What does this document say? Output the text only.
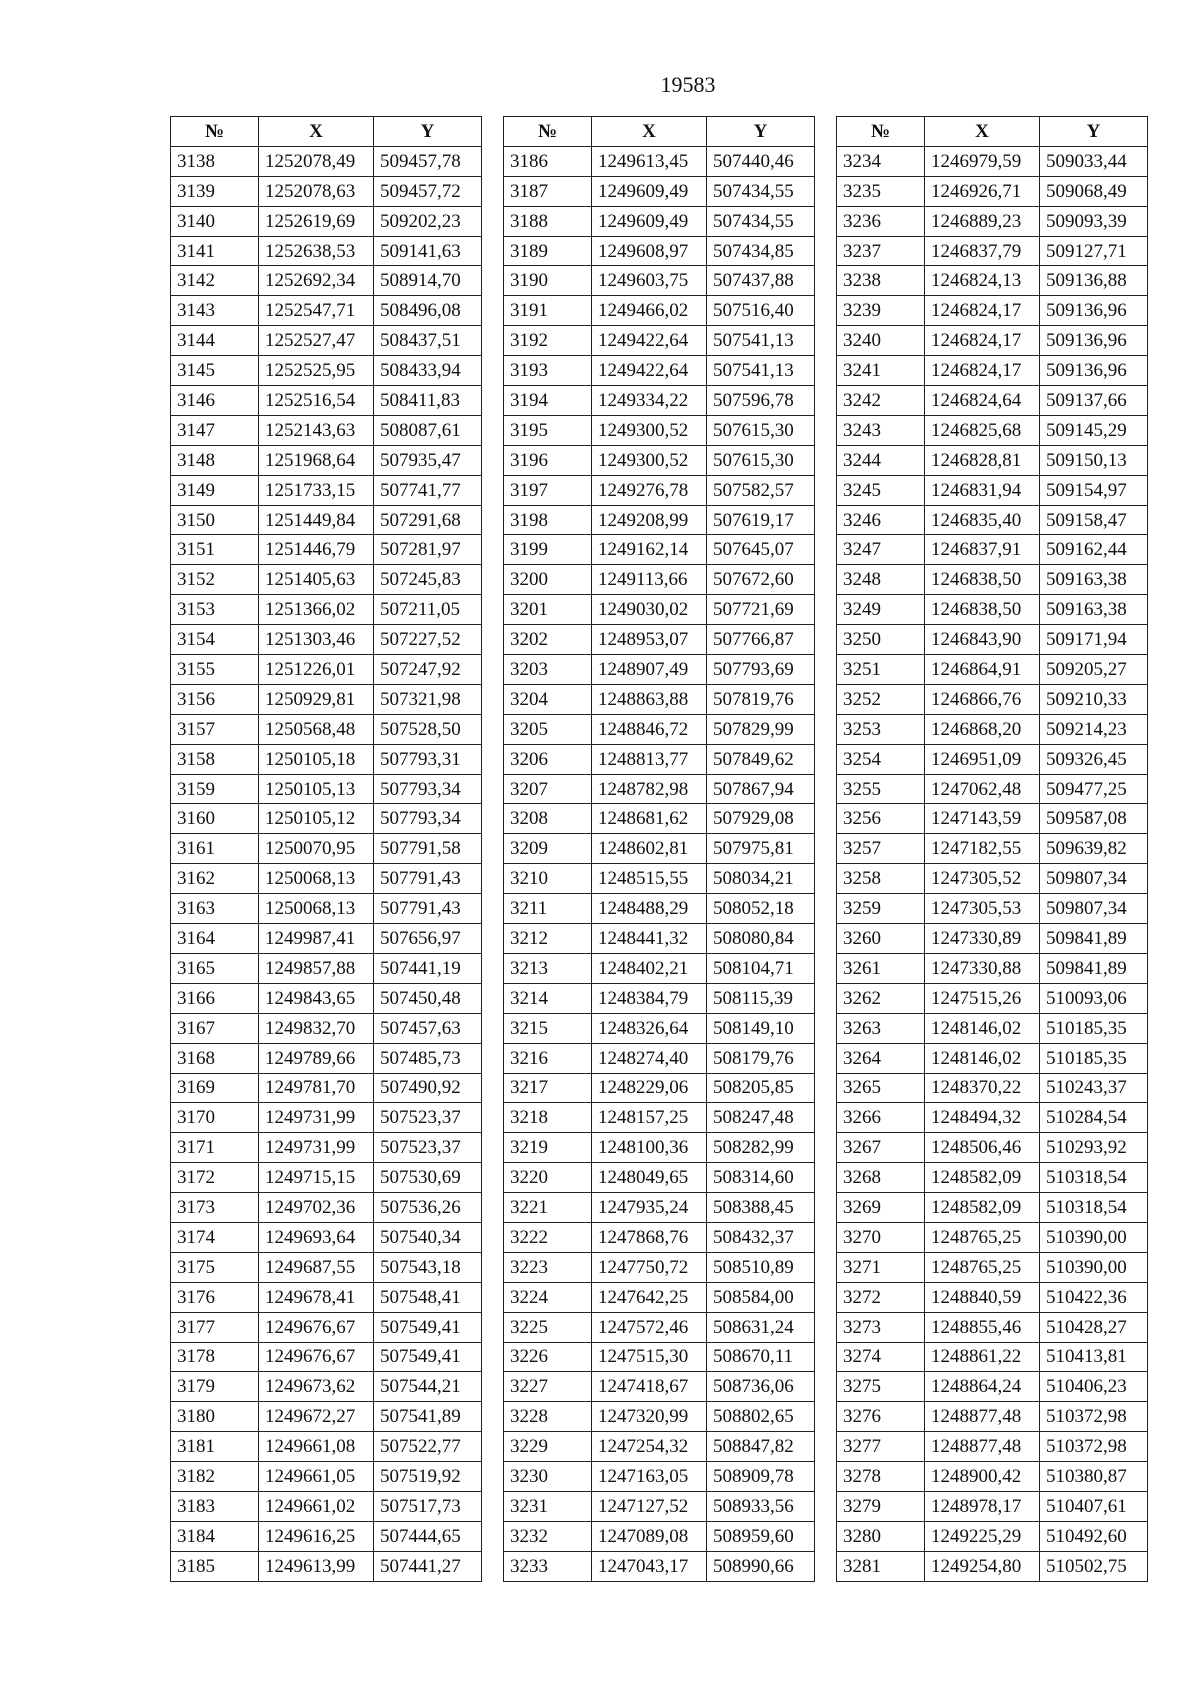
19583
№	X	Y
3138	1252078,49	509457,78
3139	1252078,63	509457,72
3140	1252619,69	509202,23
3141	1252638,53	509141,63
3142	1252692,34	508914,70
3143	1252547,71	508496,08
3144	1252527,47	508437,51
3145	1252525,95	508433,94
3146	1252516,54	508411,83
3147	1252143,63	508087,61
3148	1251968,64	507935,47
3149	1251733,15	507741,77
3150	1251449,84	507291,68
3151	1251446,79	507281,97
3152	1251405,63	507245,83
3153	1251366,02	507211,05
3154	1251303,46	507227,52
3155	1251226,01	507247,92
3156	1250929,81	507321,98
3157	1250568,48	507528,50
3158	1250105,18	507793,31
3159	1250105,13	507793,34
3160	1250105,12	507793,34
3161	1250070,95	507791,58
3162	1250068,13	507791,43
3163	1250068,13	507791,43
3164	1249987,41	507656,97
3165	1249857,88	507441,19
3166	1249843,65	507450,48
3167	1249832,70	507457,63
3168	1249789,66	507485,73
3169	1249781,70	507490,92
3170	1249731,99	507523,37
3171	1249731,99	507523,37
3172	1249715,15	507530,69
3173	1249702,36	507536,26
3174	1249693,64	507540,34
3175	1249687,55	507543,18
3176	1249678,41	507548,41
3177	1249676,67	507549,41
3178	1249676,67	507549,41
3179	1249673,62	507544,21
3180	1249672,27	507541,89
3181	1249661,08	507522,77
3182	1249661,05	507519,92
3183	1249661,02	507517,73
3184	1249616,25	507444,65
3185	1249613,99	507441,27
№	X	Y
3186	1249613,45	507440,46
3187	1249609,49	507434,55
3188	1249609,49	507434,55
3189	1249608,97	507434,85
3190	1249603,75	507437,88
3191	1249466,02	507516,40
3192	1249422,64	507541,13
3193	1249422,64	507541,13
3194	1249334,22	507596,78
3195	1249300,52	507615,30
3196	1249300,52	507615,30
3197	1249276,78	507582,57
3198	1249208,99	507619,17
3199	1249162,14	507645,07
3200	1249113,66	507672,60
3201	1249030,02	507721,69
3202	1248953,07	507766,87
3203	1248907,49	507793,69
3204	1248863,88	507819,76
3205	1248846,72	507829,99
3206	1248813,77	507849,62
3207	1248782,98	507867,94
3208	1248681,62	507929,08
3209	1248602,81	507975,81
3210	1248515,55	508034,21
3211	1248488,29	508052,18
3212	1248441,32	508080,84
3213	1248402,21	508104,71
3214	1248384,79	508115,39
3215	1248326,64	508149,10
3216	1248274,40	508179,76
3217	1248229,06	508205,85
3218	1248157,25	508247,48
3219	1248100,36	508282,99
3220	1248049,65	508314,60
3221	1247935,24	508388,45
3222	1247868,76	508432,37
3223	1247750,72	508510,89
3224	1247642,25	508584,00
3225	1247572,46	508631,24
3226	1247515,30	508670,11
3227	1247418,67	508736,06
3228	1247320,99	508802,65
3229	1247254,32	508847,82
3230	1247163,05	508909,78
3231	1247127,52	508933,56
3232	1247089,08	508959,60
3233	1247043,17	508990,66
№	X	Y
3234	1246979,59	509033,44
3235	1246926,71	509068,49
3236	1246889,23	509093,39
3237	1246837,79	509127,71
3238	1246824,13	509136,88
3239	1246824,17	509136,96
3240	1246824,17	509136,96
3241	1246824,17	509136,96
3242	1246824,64	509137,66
3243	1246825,68	509145,29
3244	1246828,81	509150,13
3245	1246831,94	509154,97
3246	1246835,40	509158,47
3247	1246837,91	509162,44
3248	1246838,50	509163,38
3249	1246838,50	509163,38
3250	1246843,90	509171,94
3251	1246864,91	509205,27
3252	1246866,76	509210,33
3253	1246868,20	509214,23
3254	1246951,09	509326,45
3255	1247062,48	509477,25
3256	1247143,59	509587,08
3257	1247182,55	509639,82
3258	1247305,52	509807,34
3259	1247305,53	509807,34
3260	1247330,89	509841,89
3261	1247330,88	509841,89
3262	1247515,26	510093,06
3263	1248146,02	510185,35
3264	1248146,02	510185,35
3265	1248370,22	510243,37
3266	1248494,32	510284,54
3267	1248506,46	510293,92
3268	1248582,09	510318,54
3269	1248582,09	510318,54
3270	1248765,25	510390,00
3271	1248765,25	510390,00
3272	1248840,59	510422,36
3273	1248855,46	510428,27
3274	1248861,22	510413,81
3275	1248864,24	510406,23
3276	1248877,48	510372,98
3277	1248877,48	510372,98
3278	1248900,42	510380,87
3279	1248978,17	510407,61
3280	1249225,29	510492,60
3281	1249254,80	510502,75
